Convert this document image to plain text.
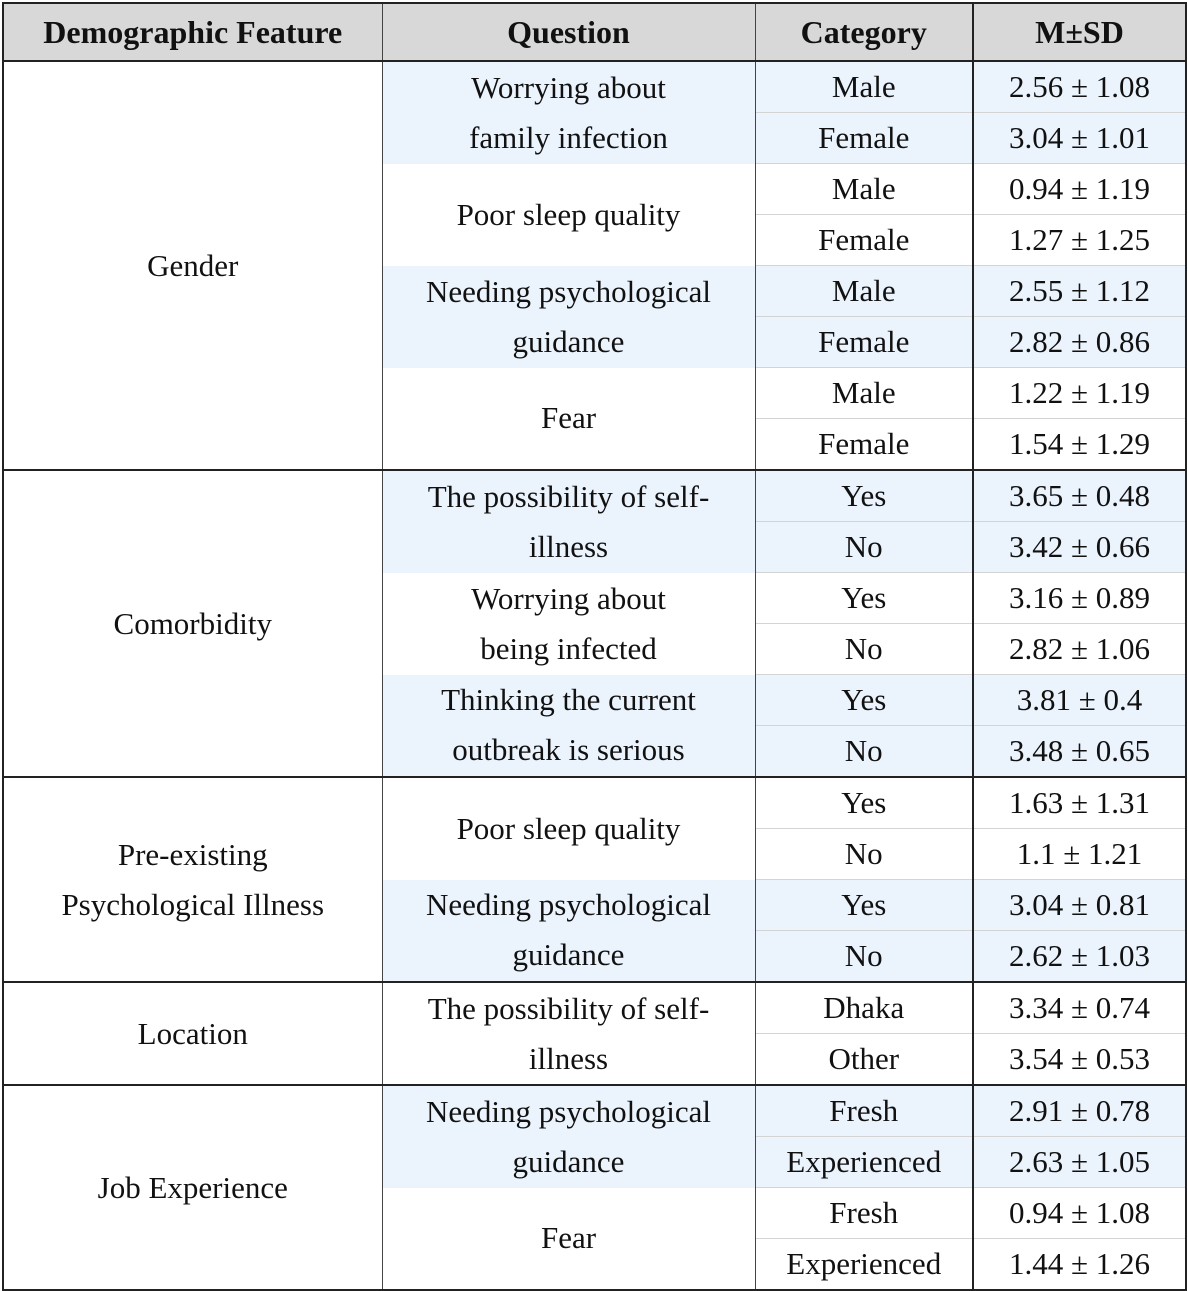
Demographic Feature	Question	Category	M±SD
Gender	Worrying about family infection	Male	2.56 ± 1.08
		Female	3.04 ± 1.01
	Poor sleep quality	Male	0.94 ± 1.19
		Female	1.27 ± 1.25
	Needing psychological guidance	Male	2.55 ± 1.12
		Female	2.82 ± 0.86
	Fear	Male	1.22 ± 1.19
		Female	1.54 ± 1.29
Comorbidity	The possibility of self-illness	Yes	3.65 ± 0.48
		No	3.42 ± 0.66
	Worrying about being infected	Yes	3.16 ± 0.89
		No	2.82 ± 1.06
	Thinking the current outbreak is serious	Yes	3.81 ± 0.4
		No	3.48 ± 0.65
Pre-existing Psychological Illness	Poor sleep quality	Yes	1.63 ± 1.31
		No	1.1 ± 1.21
	Needing psychological guidance	Yes	3.04 ± 0.81
		No	2.62 ± 1.03
Location	The possibility of self-illness	Dhaka	3.34 ± 0.74
		Other	3.54 ± 0.53
Job Experience	Needing psychological guidance	Fresh	2.91 ± 0.78
		Experienced	2.63 ± 1.05
	Fear	Fresh	0.94 ± 1.08
		Experienced	1.44 ± 1.26
